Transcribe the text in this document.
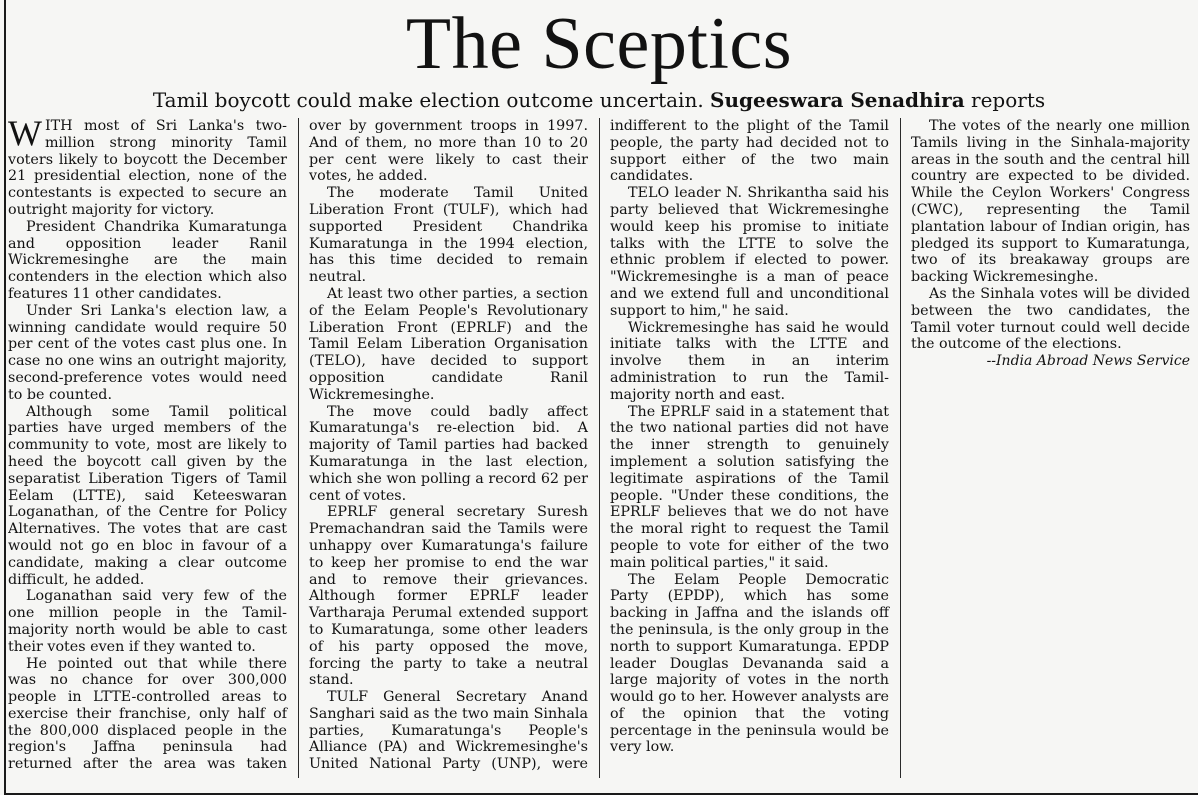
The Sceptics

Tamil boycott could make election outcome uncertain. Sugeeswara Senadhira reports

WITH most of Sri Lanka's two-million strong minority Tamil voters likely to boycott the December 21 presidential election, none of the contestants is expected to secure an outright majority for victory.

President Chandrika Kumaratunga and opposition leader Ranil Wickremesinghe are the main contenders in the election which also features 11 other candidates.

Under Sri Lanka's election law, a winning candidate would require 50 per cent of the votes cast plus one. In case no one wins an outright majority, second-preference votes would need to be counted.

Although some Tamil political parties have urged members of the community to vote, most are likely to heed the boycott call given by the separatist Liberation Tigers of Tamil Eelam (LTTE), said Keteeswaran Loganathan, of the Centre for Policy Alternatives. The votes that are cast would not go en bloc in favour of a candidate, making a clear outcome difficult, he added.

Loganathan said very few of the one million people in the Tamil-majority north would be able to cast their votes even if they wanted to.

He pointed out that while there was no chance for over 300,000 people in LTTE-controlled areas to exercise their franchise, only half of the 800,000 displaced people in the region's Jaffna peninsula had returned after the area was taken over by government troops in 1997. And of them, no more than 10 to 20 per cent were likely to cast their votes, he added.

The moderate Tamil United Liberation Front (TULF), which had supported President Chandrika Kumaratunga in the 1994 election, has this time decided to remain neutral.

At least two other parties, a section of the Eelam People's Revolutionary Liberation Front (EPRLF) and the Tamil Eelam Liberation Organisation (TELO), have decided to support opposition candidate Ranil Wickremesinghe.

The move could badly affect Kumaratunga's re-election bid. A majority of Tamil parties had backed Kumaratunga in the last election, which she won polling a record 62 per cent of votes.

EPRLF general secretary Suresh Premachandran said the Tamils were unhappy over Kumaratunga's failure to keep her promise to end the war and to remove their grievances. Although former EPRLF leader Vartharaja Perumal extended support to Kumaratunga, some other leaders of his party opposed the move, forcing the party to take a neutral stand.

TULF General Secretary Anand Sanghari said as the two main Sinhala parties, Kumaratunga's People's Alliance (PA) and Wickremesinghe's United National Party (UNP), were indifferent to the plight of the Tamil people, the party had decided not to support either of the two main candidates.

TELO leader N. Shrikantha said his party believed that Wickremesinghe would keep his promise to initiate talks with the LTTE to solve the ethnic problem if elected to power. "Wickremesinghe is a man of peace and we extend full and unconditional support to him," he said.

Wickremesinghe has said he would initiate talks with the LTTE and involve them in an interim administration to run the Tamil- majority north and east.

The EPRLF said in a statement that the two national parties did not have the inner strength to genuinely implement a solution satisfying the legitimate aspirations of the Tamil people. "Under these conditions, the EPRLF believes that we do not have the moral right to request the Tamil people to vote for either of the two main political parties," it said.

The Eelam People Democratic Party (EPDP), which has some backing in Jaffna and the islands off the peninsula, is the only group in the north to support Kumaratunga. EPDP leader Douglas Devananda said a large majority of votes in the north would go to her. However analysts are of the opinion that the voting percentage in the peninsula would be very low.

The votes of the nearly one million Tamils living in the Sinhala-majority areas in the south and the central hill country are expected to be divided. While the Ceylon Workers' Congress (CWC), representing the Tamil plantation labour of Indian origin, has pledged its support to Kumaratunga, two of its breakaway groups are backing Wickremesinghe.

As the Sinhala votes will be divided between the two candidates, the Tamil voter turnout could well decide the outcome of the elections.

--India Abroad News Service
